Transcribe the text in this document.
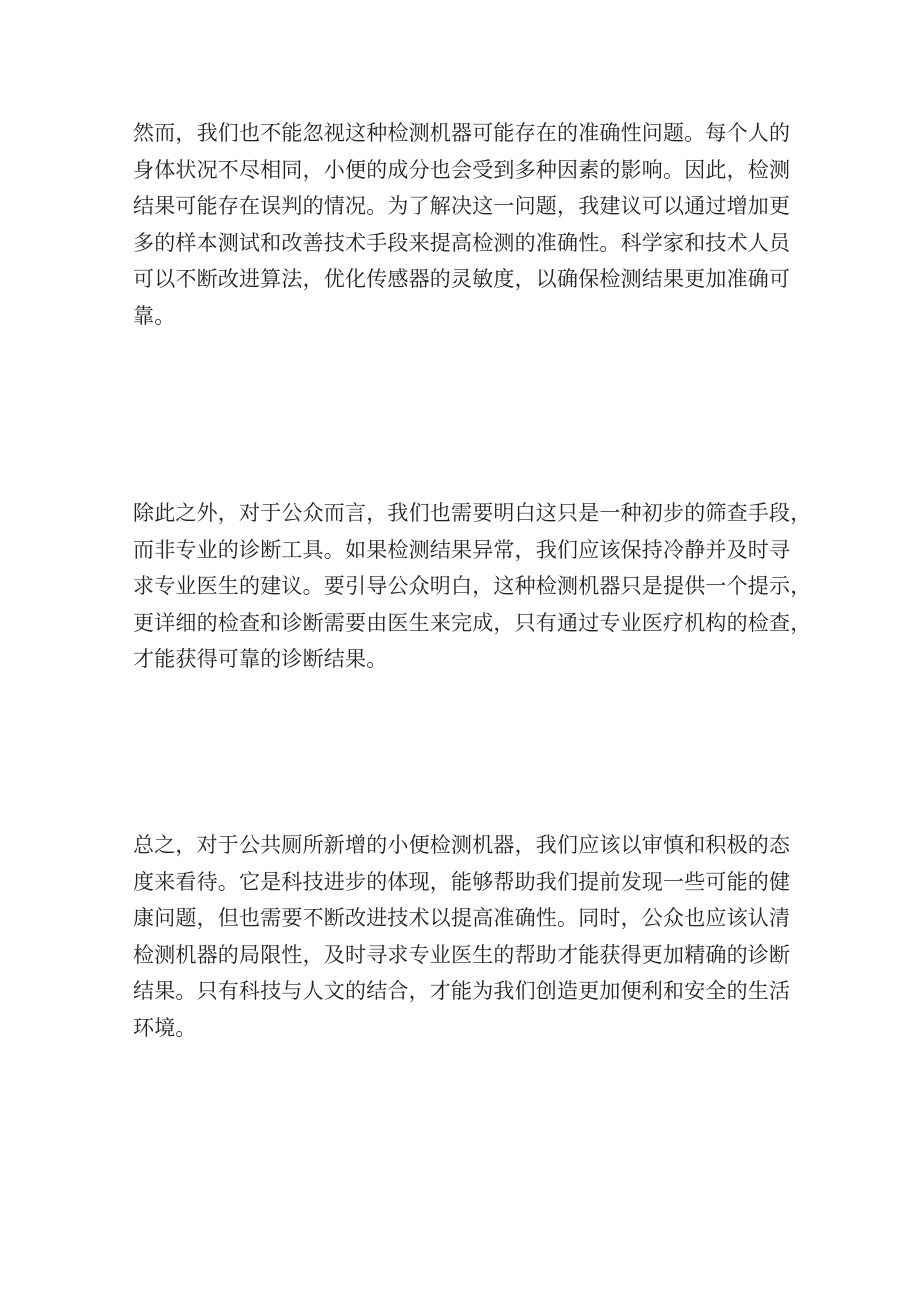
然而，我们也不能忽视这种检测机器可能存在的准确性问题。每个人的
身体状况不尽相同，小便的成分也会受到多种因素的影响。因此，检测
结果可能存在误判的情况。为了解决这一问题，我建议可以通过增加更
多的样本测试和改善技术手段来提高检测的准确性。科学家和技术人员
可以不断改进算法，优化传感器的灵敏度，以确保检测结果更加准确可
靠。

除此之外，对于公众而言，我们也需要明白这只是一种初步的筛查手段，
而非专业的诊断工具。如果检测结果异常，我们应该保持冷静并及时寻
求专业医生的建议。要引导公众明白，这种检测机器只是提供一个提示，
更详细的检查和诊断需要由医生来完成，只有通过专业医疗机构的检查，
才能获得可靠的诊断结果。

总之，对于公共厕所新增的小便检测机器，我们应该以审慎和积极的态
度来看待。它是科技进步的体现，能够帮助我们提前发现一些可能的健
康问题，但也需要不断改进技术以提高准确性。同时，公众也应该认清
检测机器的局限性，及时寻求专业医生的帮助才能获得更加精确的诊断
结果。只有科技与人文的结合，才能为我们创造更加便利和安全的生活
环境。
